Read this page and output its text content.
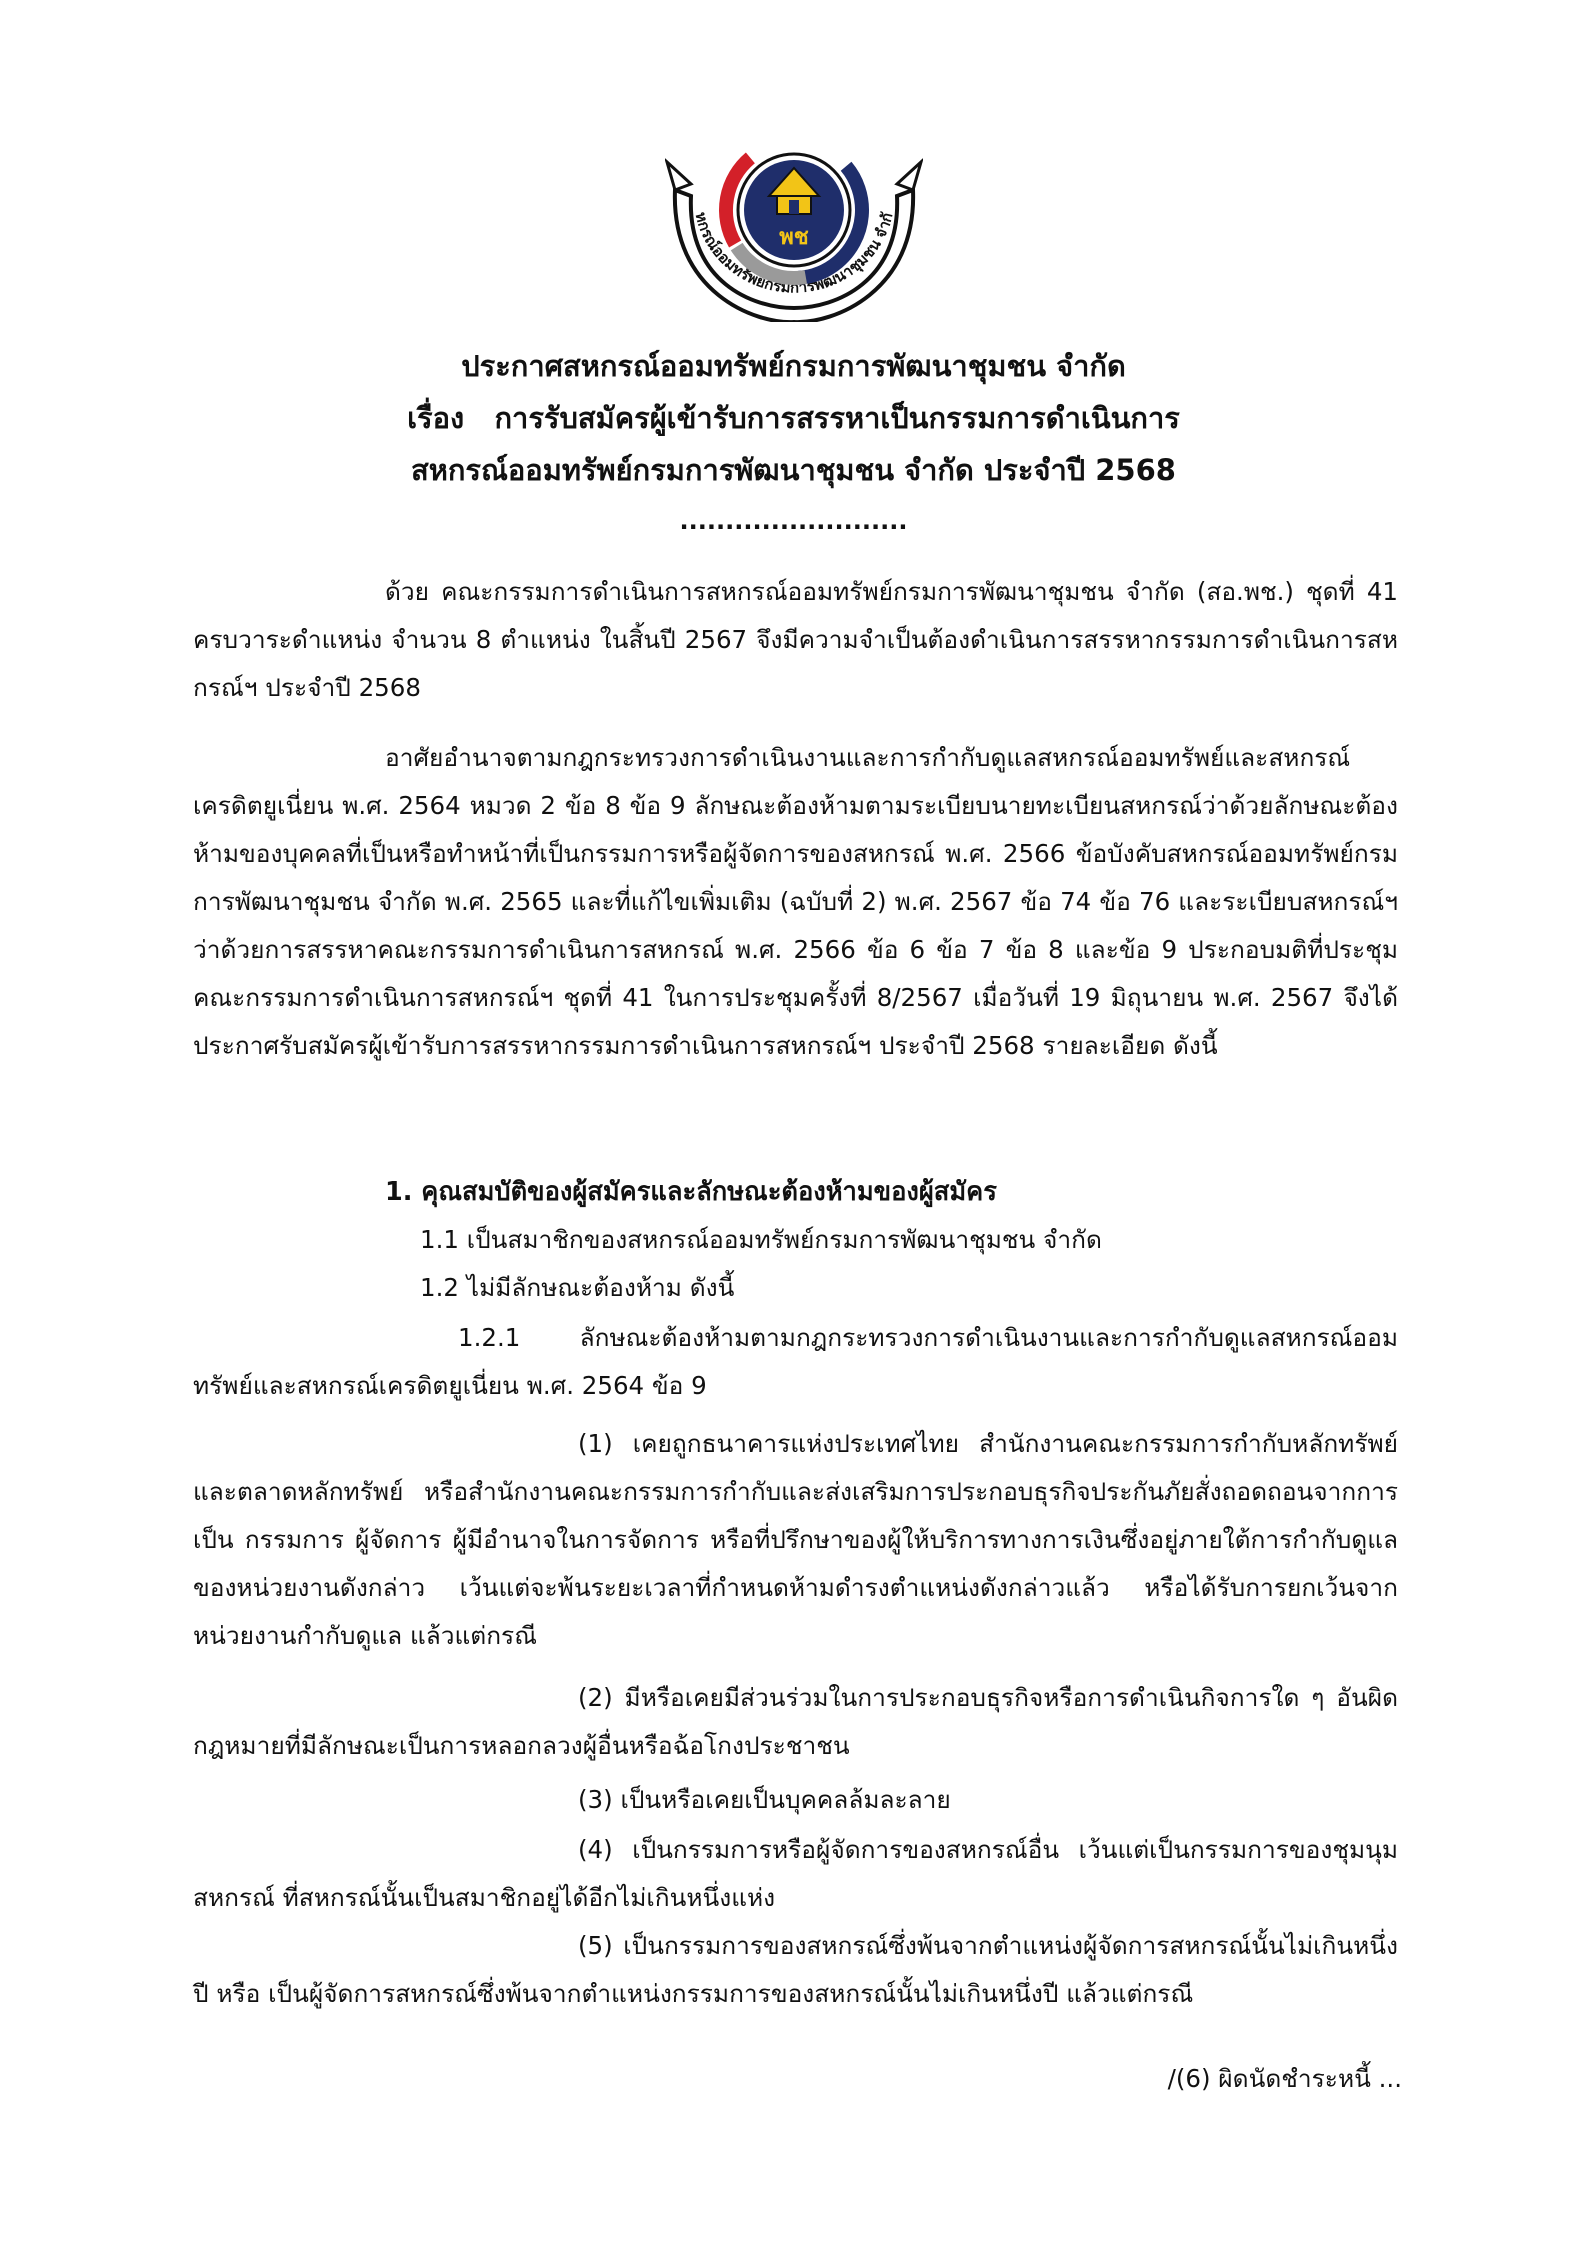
หกรณ์ออมทรัพย์กรมการพัฒนาชุมชน จำกั
พช
ประกาศสหกรณ์ออมทรัพย์กรมการพัฒนาชุมชน จำกัด
เรื่อง   การรับสมัครผู้เข้ารับการสรรหาเป็นกรรมการดำเนินการ
สหกรณ์ออมทรัพย์กรมการพัฒนาชุมชน จำกัด ประจำปี 2568
.........................

ด้วย คณะกรรมการดำเนินการสหกรณ์ออมทรัพย์กรมการพัฒนาชุมชน จำกัด (สอ.พช.) ชุดที่ 41 ครบวาระดำแหน่ง จำนวน 8 ตำแหน่ง ในสิ้นปี 2567 จึงมีความจำเป็นต้องดำเนินการสรรหากรรมการดำเนินการสหกรณ์ฯ ประจำปี 2568

อาศัยอำนาจตามกฎกระทรวงการดำเนินงานและการกำกับดูแลสหกรณ์ออมทรัพย์และสหกรณ์เครดิตยูเนี่ยน พ.ศ. 2564 หมวด 2 ข้อ 8 ข้อ 9 ลักษณะต้องห้ามตามระเบียบนายทะเบียนสหกรณ์ว่าด้วยลักษณะต้องห้ามของบุคคลที่เป็นหรือทำหน้าที่เป็นกรรมการหรือผู้จัดการของสหกรณ์ พ.ศ. 2566 ข้อบังคับสหกรณ์ออมทรัพย์กรมการพัฒนาชุมชน จำกัด พ.ศ. 2565 และที่แก้ไขเพิ่มเติม (ฉบับที่ 2) พ.ศ. 2567 ข้อ 74 ข้อ 76 และระเบียบสหกรณ์ฯ ว่าด้วยการสรรหาคณะกรรมการดำเนินการสหกรณ์ พ.ศ. 2566 ข้อ 6 ข้อ 7 ข้อ 8 และข้อ 9 ประกอบมติที่ประชุมคณะกรรมการดำเนินการสหกรณ์ฯ ชุดที่ 41 ในการประชุมครั้งที่ 8/2567 เมื่อวันที่ 19 มิถุนายน พ.ศ. 2567 จึงได้ประกาศรับสมัครผู้เข้ารับการสรรหากรรมการดำเนินการสหกรณ์ฯ ประจำปี 2568 รายละเอียด ดังนี้

1. คุณสมบัติของผู้สมัครและลักษณะต้องห้ามของผู้สมัคร
1.1 เป็นสมาชิกของสหกรณ์ออมทรัพย์กรมการพัฒนาชุมชน จำกัด
1.2 ไม่มีลักษณะต้องห้าม ดังนี้

1.2.1 ลักษณะต้องห้ามตามกฎกระทรวงการดำเนินงานและการกำกับดูแลสหกรณ์ออมทรัพย์และสหกรณ์เครดิตยูเนี่ยน พ.ศ. 2564 ข้อ 9

(1) เคยถูกธนาคารแห่งประเทศไทย สำนักงานคณะกรรมการกำกับหลักทรัพย์และตลาดหลักทรัพย์ หรือสำนักงานคณะกรรมการกำกับและส่งเสริมการประกอบธุรกิจประกันภัยสั่งถอดถอนจากการเป็น กรรมการ ผู้จัดการ ผู้มีอำนาจในการจัดการ หรือที่ปรึกษาของผู้ให้บริการทางการเงินซึ่งอยู่ภายใต้การกำกับดูแลของหน่วยงานดังกล่าว เว้นแต่จะพ้นระยะเวลาที่กำหนดห้ามดำรงตำแหน่งดังกล่าวแล้ว หรือได้รับการยกเว้นจากหน่วยงานกำกับดูแล แล้วแต่กรณี

(2) มีหรือเคยมีส่วนร่วมในการประกอบธุรกิจหรือการดำเนินกิจการใด ๆ อันผิดกฎหมายที่มีลักษณะเป็นการหลอกลวงผู้อื่นหรือฉ้อโกงประชาชน

(3) เป็นหรือเคยเป็นบุคคลล้มละลาย

(4) เป็นกรรมการหรือผู้จัดการของสหกรณ์อื่น เว้นแต่เป็นกรรมการของชุมนุมสหกรณ์ ที่สหกรณ์นั้นเป็นสมาชิกอยู่ได้อีกไม่เกินหนึ่งแห่ง

(5) เป็นกรรมการของสหกรณ์ซึ่งพ้นจากตำแหน่งผู้จัดการสหกรณ์นั้นไม่เกินหนึ่งปี หรือ เป็นผู้จัดการสหกรณ์ซึ่งพ้นจากตำแหน่งกรรมการของสหกรณ์นั้นไม่เกินหนึ่งปี แล้วแต่กรณี

/(6) ผิดนัดชำระหนี้ ...
